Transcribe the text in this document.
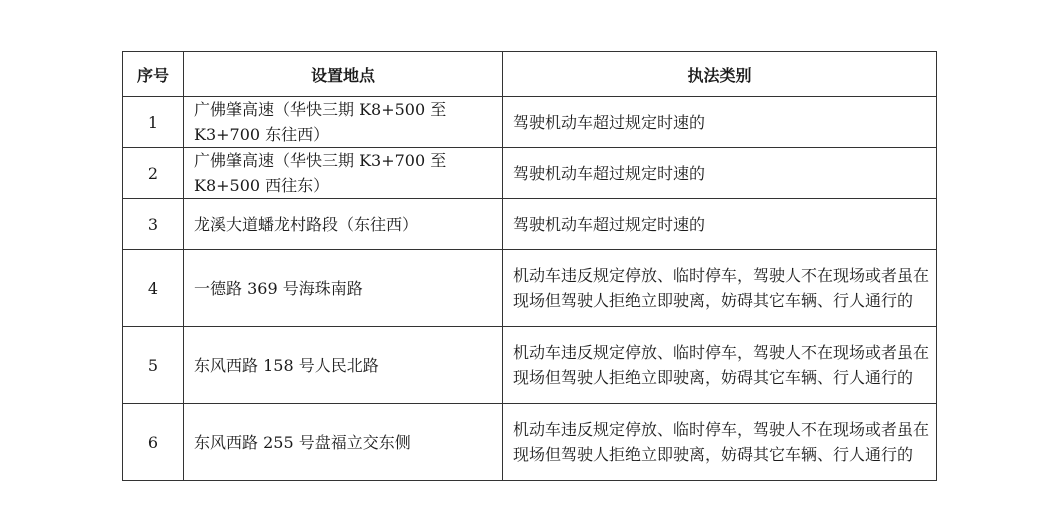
序号	设置地点	执法类别
1	广佛肇高速（华快三期 K8+500 至 K3+700 东往西）	驾驶机动车超过规定时速的

2	广佛肇高速（华快三期 K3+700 至 K8+500 西往东）	驾驶机动车超过规定时速的

3	龙溪大道蟠龙村路段（东往西）	驾驶机动车超过规定时速的

4	一德路 369 号海珠南路	机动车违反规定停放、临时停车，驾驶人不在现场或者虽在现场但驾驶人拒绝立即驶离，妨碍其它车辆、行人通行的

5	东风西路 158 号人民北路	机动车违反规定停放、临时停车，驾驶人不在现场或者虽在现场但驾驶人拒绝立即驶离，妨碍其它车辆、行人通行的

6	东风西路 255 号盘福立交东侧	机动车违反规定停放、临时停车，驾驶人不在现场或者虽在现场但驾驶人拒绝立即驶离，妨碍其它车辆、行人通行的
